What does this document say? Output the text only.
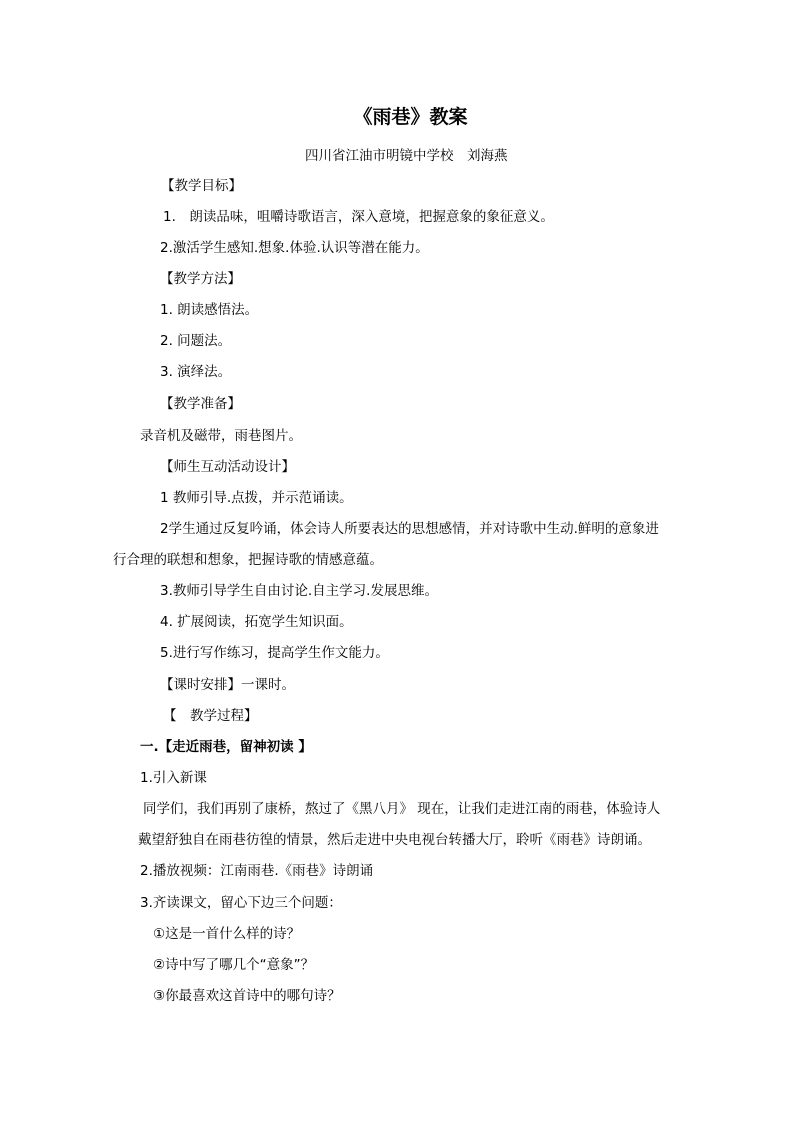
《雨巷》教案
四川省江油市明镜中学校　刘海燕
【教学目标】
1.　朗读品味，咀嚼诗歌语言，深入意境，把握意象的象征意义。
2.激活学生感知.想象.体验.认识等潜在能力。
【教学方法】
1. 朗读感悟法。
2. 问题法。
3. 演绎法。
【教学准备】
录音机及磁带，雨巷图片。
【师生互动活动设计】
1 教师引导.点拨，并示范诵读。
2学生通过反复吟诵，体会诗人所要表达的思想感情，并对诗歌中生动.鲜明的意象进
行合理的联想和想象，把握诗歌的情感意蕴。
3.教师引导学生自由讨论.自主学习.发展思维。
4. 扩展阅读，拓宽学生知识面。
5.进行写作练习，提高学生作文能力。
【课时安排】一课时。
【　教学过程】
一.【走近雨巷，留神初读 】
1.引入新课
同学们，我们再别了康桥，熬过了《黑八月》 现在，让我们走进江南的雨巷，体验诗人
戴望舒独自在雨巷彷徨的情景，然后走进中央电视台转播大厅，聆听《雨巷》诗朗诵。
2.播放视频：江南雨巷.《雨巷》诗朗诵
3.齐读课文，留心下边三个问题：
①这是一首什么样的诗？
②诗中写了哪几个“意象”？
③你最喜欢这首诗中的哪句诗？
